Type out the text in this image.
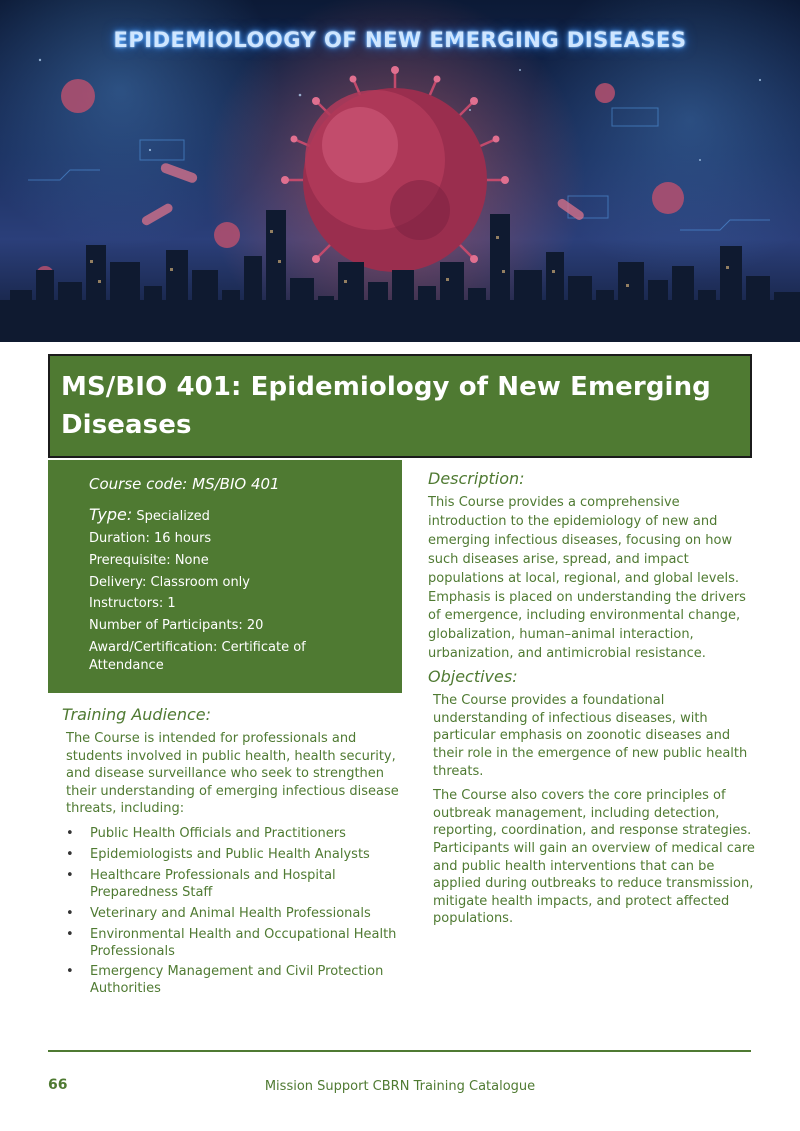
EPIDEMIOLOOGY OF NEW EMERGING DISEASES
MS/BIO 401: Epidemiology of New Emerging Diseases
Course code: MS/BIO 401
Type: Specialized
Duration: 16 hours
Prerequisite: None
Delivery: Classroom only
Instructors: 1
Number of Participants: 20
Award/Certification: Certificate of Attendance
Training Audience:

The Course is intended for professionals and students involved in public health, health security, and disease surveillance who seek to strengthen their understanding of emerging infectious disease threats, including:

• Public Health Officials and Practitioners
• Epidemiologists and Public Health Analysts
• Healthcare Professionals and Hospital Preparedness Staff
• Veterinary and Animal Health Professionals
• Environmental Health and Occupational Health Professionals
• Emergency Management and Civil Protection Authorities
Description:

This Course provides a comprehensive introduction to the epidemiology of new and emerging infectious diseases, focusing on how such diseases arise, spread, and impact populations at local, regional, and global levels. Emphasis is placed on understanding the drivers of emergence, including environmental change, globalization, human–animal interaction, urbanization, and antimicrobial resistance.

Objectives:

The Course provides a foundational understanding of infectious diseases, with particular emphasis on zoonotic diseases and their role in the emergence of new public health threats.

The Course also covers the core principles of outbreak management, including detection, reporting, coordination, and response strategies. Participants will gain an overview of medical care and public health interventions that can be applied during outbreaks to reduce transmission, mitigate health impacts, and protect affected populations.

66	Mission Support CBRN Training Catalogue
